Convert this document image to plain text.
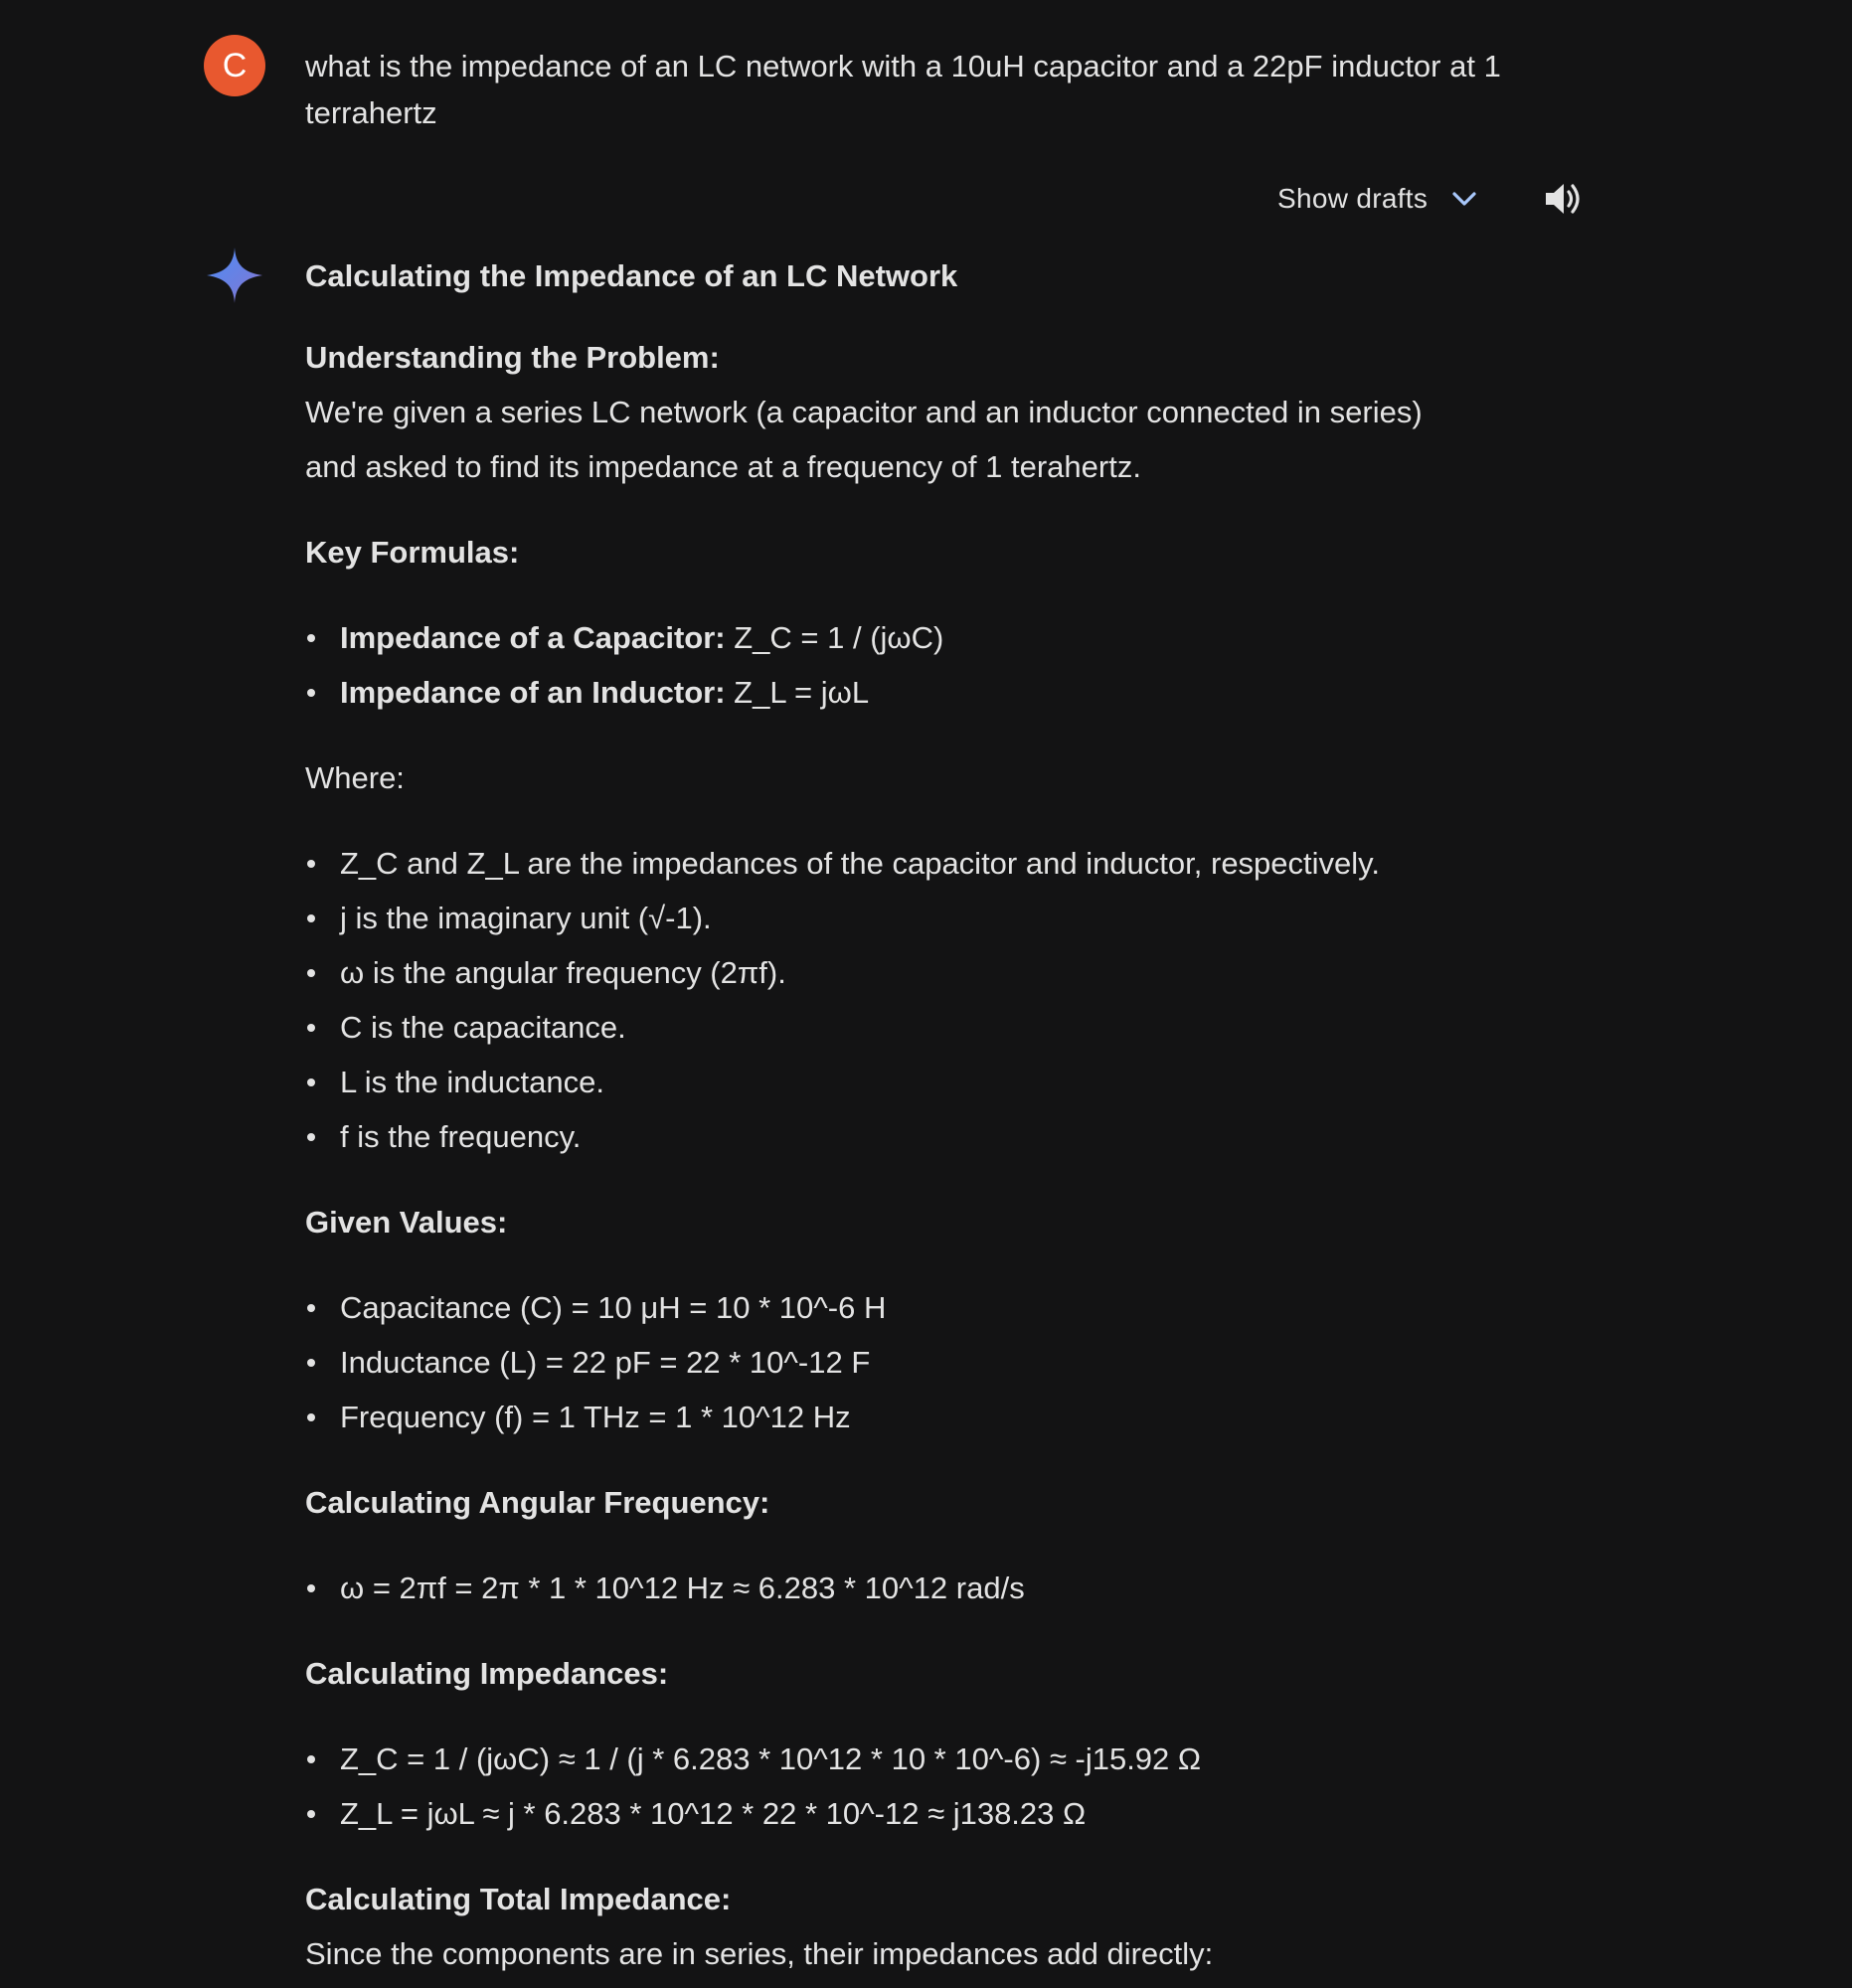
C	what is the impedance of an LC network with a 10uH capacitor and a 22pF inductor at 1 terrahertz
Show drafts
Calculating the Impedance of an LC Network
Understanding the Problem:

We're given a series LC network (a capacitor and an inductor connected in series)

and asked to find its impedance at a frequency of 1 terahertz.

Key Formulas:
Impedance of a Capacitor: Z_C = 1 / (jωC)
Impedance of an Inductor: Z_L = jωL

Where:

Z_C and Z_L are the impedances of the capacitor and inductor, respectively.
j is the imaginary unit (√-1).
ω is the angular frequency (2πf).
C is the capacitance.
L is the inductance.
f is the frequency.
Given Values:
Capacitance (C) = 10 μH = 10 * 10^-6 H
Inductance (L) = 22 pF = 22 * 10^-12 F
Frequency (f) = 1 THz = 1 * 10^12 Hz
Calculating Angular Frequency:
ω = 2πf = 2π * 1 * 10^12 Hz ≈ 6.283 * 10^12 rad/s
Calculating Impedances:
Z_C = 1 / (jωC) ≈ 1 / (j * 6.283 * 10^12 * 10 * 10^-6) ≈ -j15.92 Ω
Z_L = jωL ≈ j * 6.283 * 10^12 * 22 * 10^-12 ≈ j138.23 Ω
Calculating Total Impedance:

Since the components are in series, their impedances add directly:
